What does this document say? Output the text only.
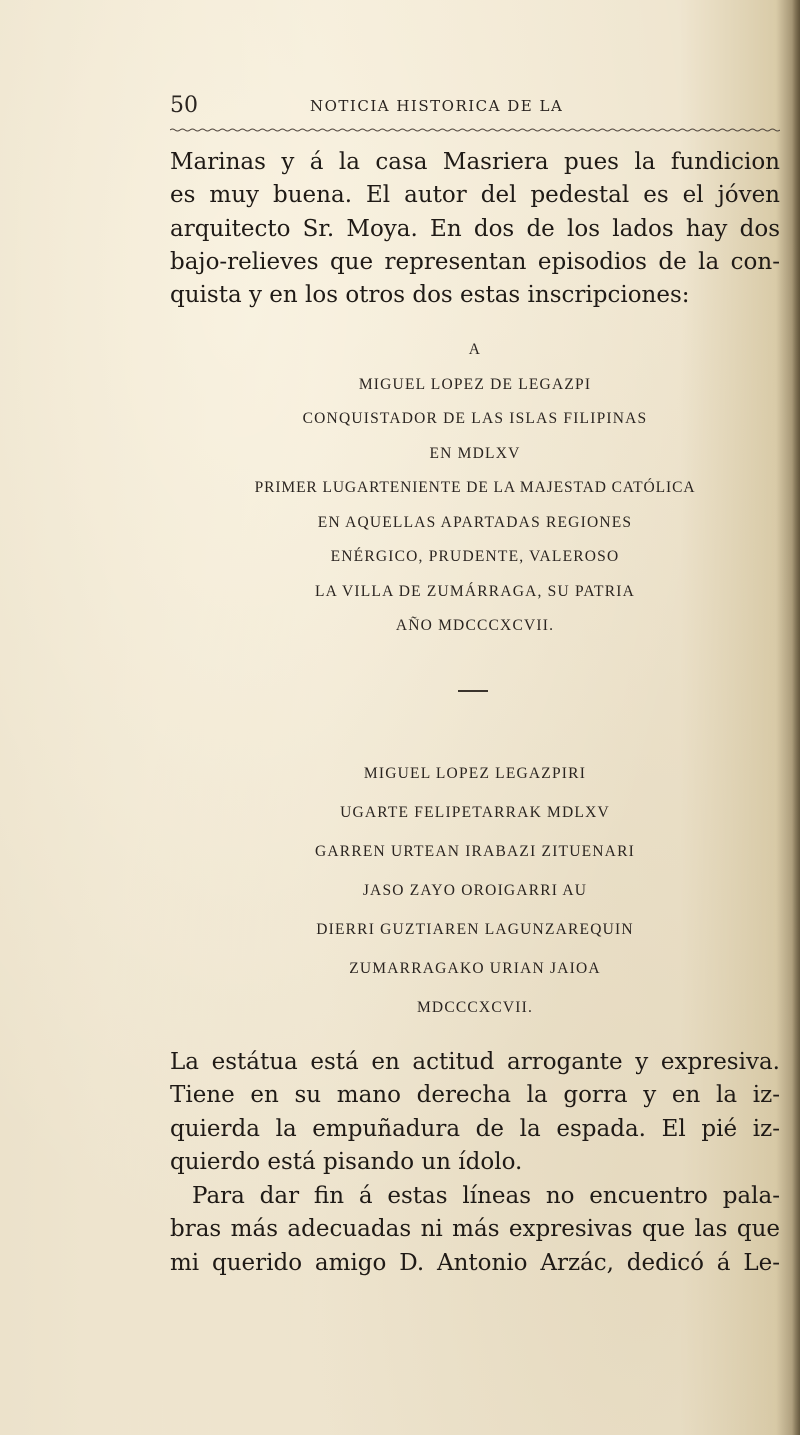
50	NOTICIA HISTORICA DE LA
Marinas y á la casa Masriera pues la fundicion
es muy buena. El autor del pedestal es el jóven
arquitecto Sr. Moya. En dos de los lados hay dos
bajo-relieves que representan episodios de la con-
quista y en los otros dos estas inscripciones:
A
MIGUEL LOPEZ DE LEGAZPI
CONQUISTADOR DE LAS ISLAS FILIPINAS
EN MDLXV
PRIMER LUGARTENIENTE DE LA MAJESTAD CATÓLICA
EN AQUELLAS APARTADAS REGIONES
ENÉRGICO, PRUDENTE, VALEROSO
LA VILLA DE ZUMÁRRAGA, SU PATRIA
AÑO MDCCCXCVII.
MIGUEL LOPEZ LEGAZPIRI
UGARTE FELIPETARRAK MDLXV
GARREN URTEAN IRABAZI ZITUENARI
JASO ZAYO OROIGARRI AU
DIERRI GUZTIAREN LAGUNZAREQUIN
ZUMARRAGAKO URIAN JAIOA
MDCCCXCVII.
La estátua está en actitud arrogante y expresiva.
Tiene en su mano derecha la gorra y en la iz-
quierda la empuñadura de la espada. El pié iz-
quierdo está pisando un ídolo.
Para dar fin á estas líneas no encuentro pala-
bras más adecuadas ni más expresivas que las que
mi querido amigo D. Antonio Arzác, dedicó á Le-
